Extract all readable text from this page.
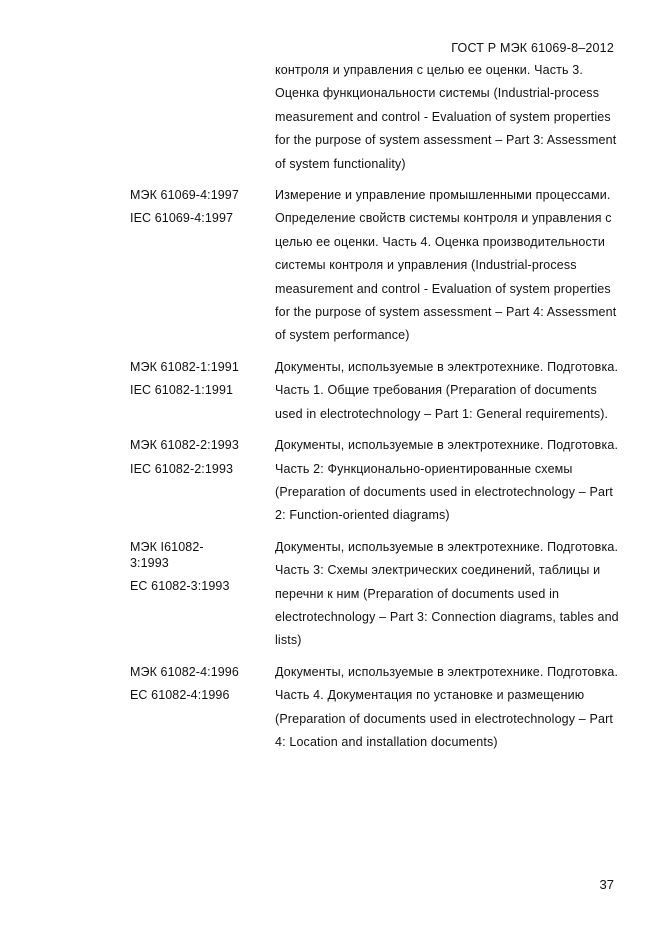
ГОСТ Р МЭК 61069-8–2012
контроля и управления с целью ее оценки. Часть 3. Оценка функциональности системы (Industrial-process measurement and control - Evaluation of system properties for the purpose of system assessment – Part 3: Assessment of system functionality)
МЭК 61069-4:1997
IEC 61069-4:1997
Измерение и управление промышленными процессами. Определение свойств системы контроля и управления с целью ее оценки. Часть 4. Оценка производительности системы контроля и управления (Industrial-process measurement and control - Evaluation of system properties for the purpose of system assessment – Part 4: Assessment of system performance)
МЭК 61082-1:1991
IEC 61082-1:1991
Документы, используемые в электротехнике. Подготовка. Часть 1. Общие требования (Preparation of documents used in electrotechnology – Part 1: General requirements).
МЭК 61082-2:1993
IEC 61082-2:1993
Документы, используемые в электротехнике. Подготовка. Часть 2: Функционально-ориентированные схемы (Preparation of documents used in electrotechnology – Part 2: Function-oriented diagrams)
МЭК I61082-
3:1993
EC 61082-3:1993
Документы, используемые в электротехнике. Подготовка. Часть 3: Схемы электрических соединений, таблицы и перечни к ним (Preparation of documents used in electrotechnology – Part 3: Connection diagrams, tables and lists)
МЭК 61082-4:1996
EC 61082-4:1996
Документы, используемые в электротехнике. Подготовка. Часть 4. Документация по установке и размещению (Preparation of documents used in electrotechnology – Part 4: Location and installation documents)
37
